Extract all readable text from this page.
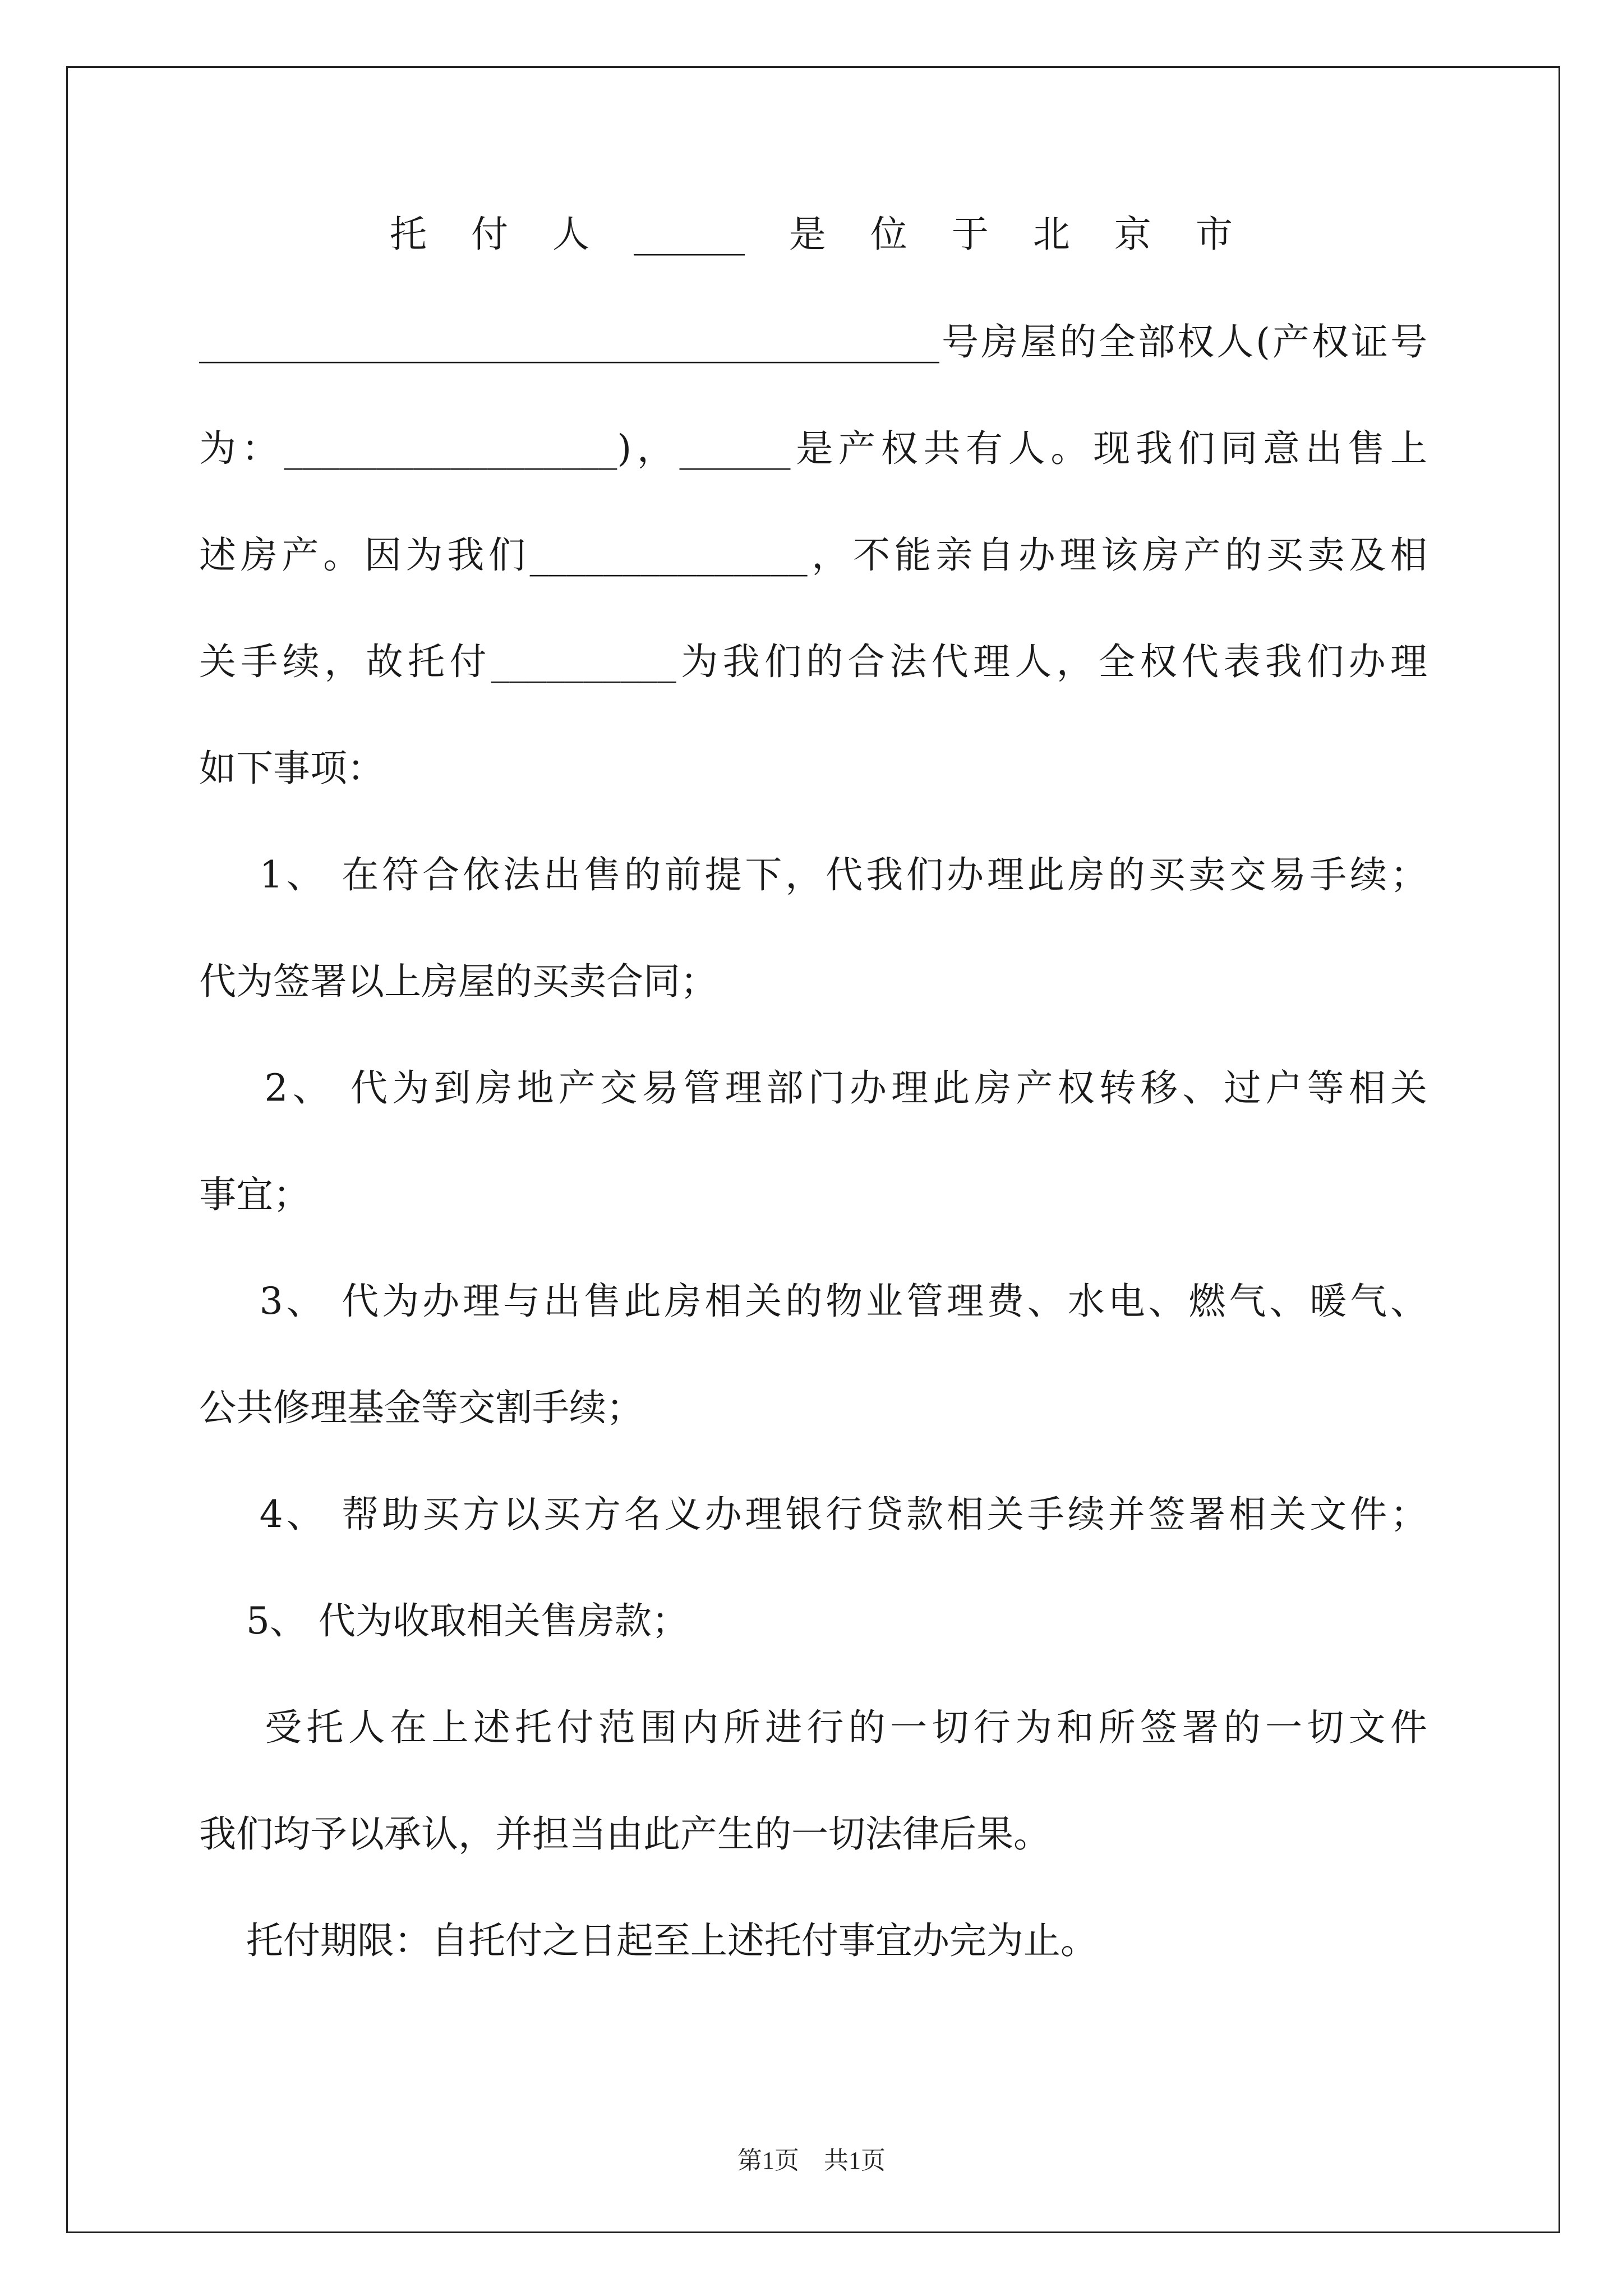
托 付 人 ______ 是 位 于 北 京 市
________________________________________号房屋的全部权人(产权证号
为：__________________)，______是产权共有人。现我们同意出售上
述房产。因为我们_______________，不能亲自办理该房产的买卖及相
关手续，故托付__________为我们的合法代理人，全权代表我们办理
如下事项：
1、 在符合依法出售的前提下，代我们办理此房的买卖交易手续；
代为签署以上房屋的买卖合同；
2、 代为到房地产交易管理部门办理此房产权转移、过户等相关
事宜；
3、 代为办理与出售此房相关的物业管理费、水电、燃气、暖气、
公共修理基金等交割手续；
4、 帮助买方以买方名义办理银行贷款相关手续并签署相关文件；
5、 代为收取相关售房款；
受托人在上述托付范围内所进行的一切行为和所签署的一切文件
我们均予以承认，并担当由此产生的一切法律后果。
托付期限：自托付之日起至上述托付事宜办完为止。
第1页　共1页
